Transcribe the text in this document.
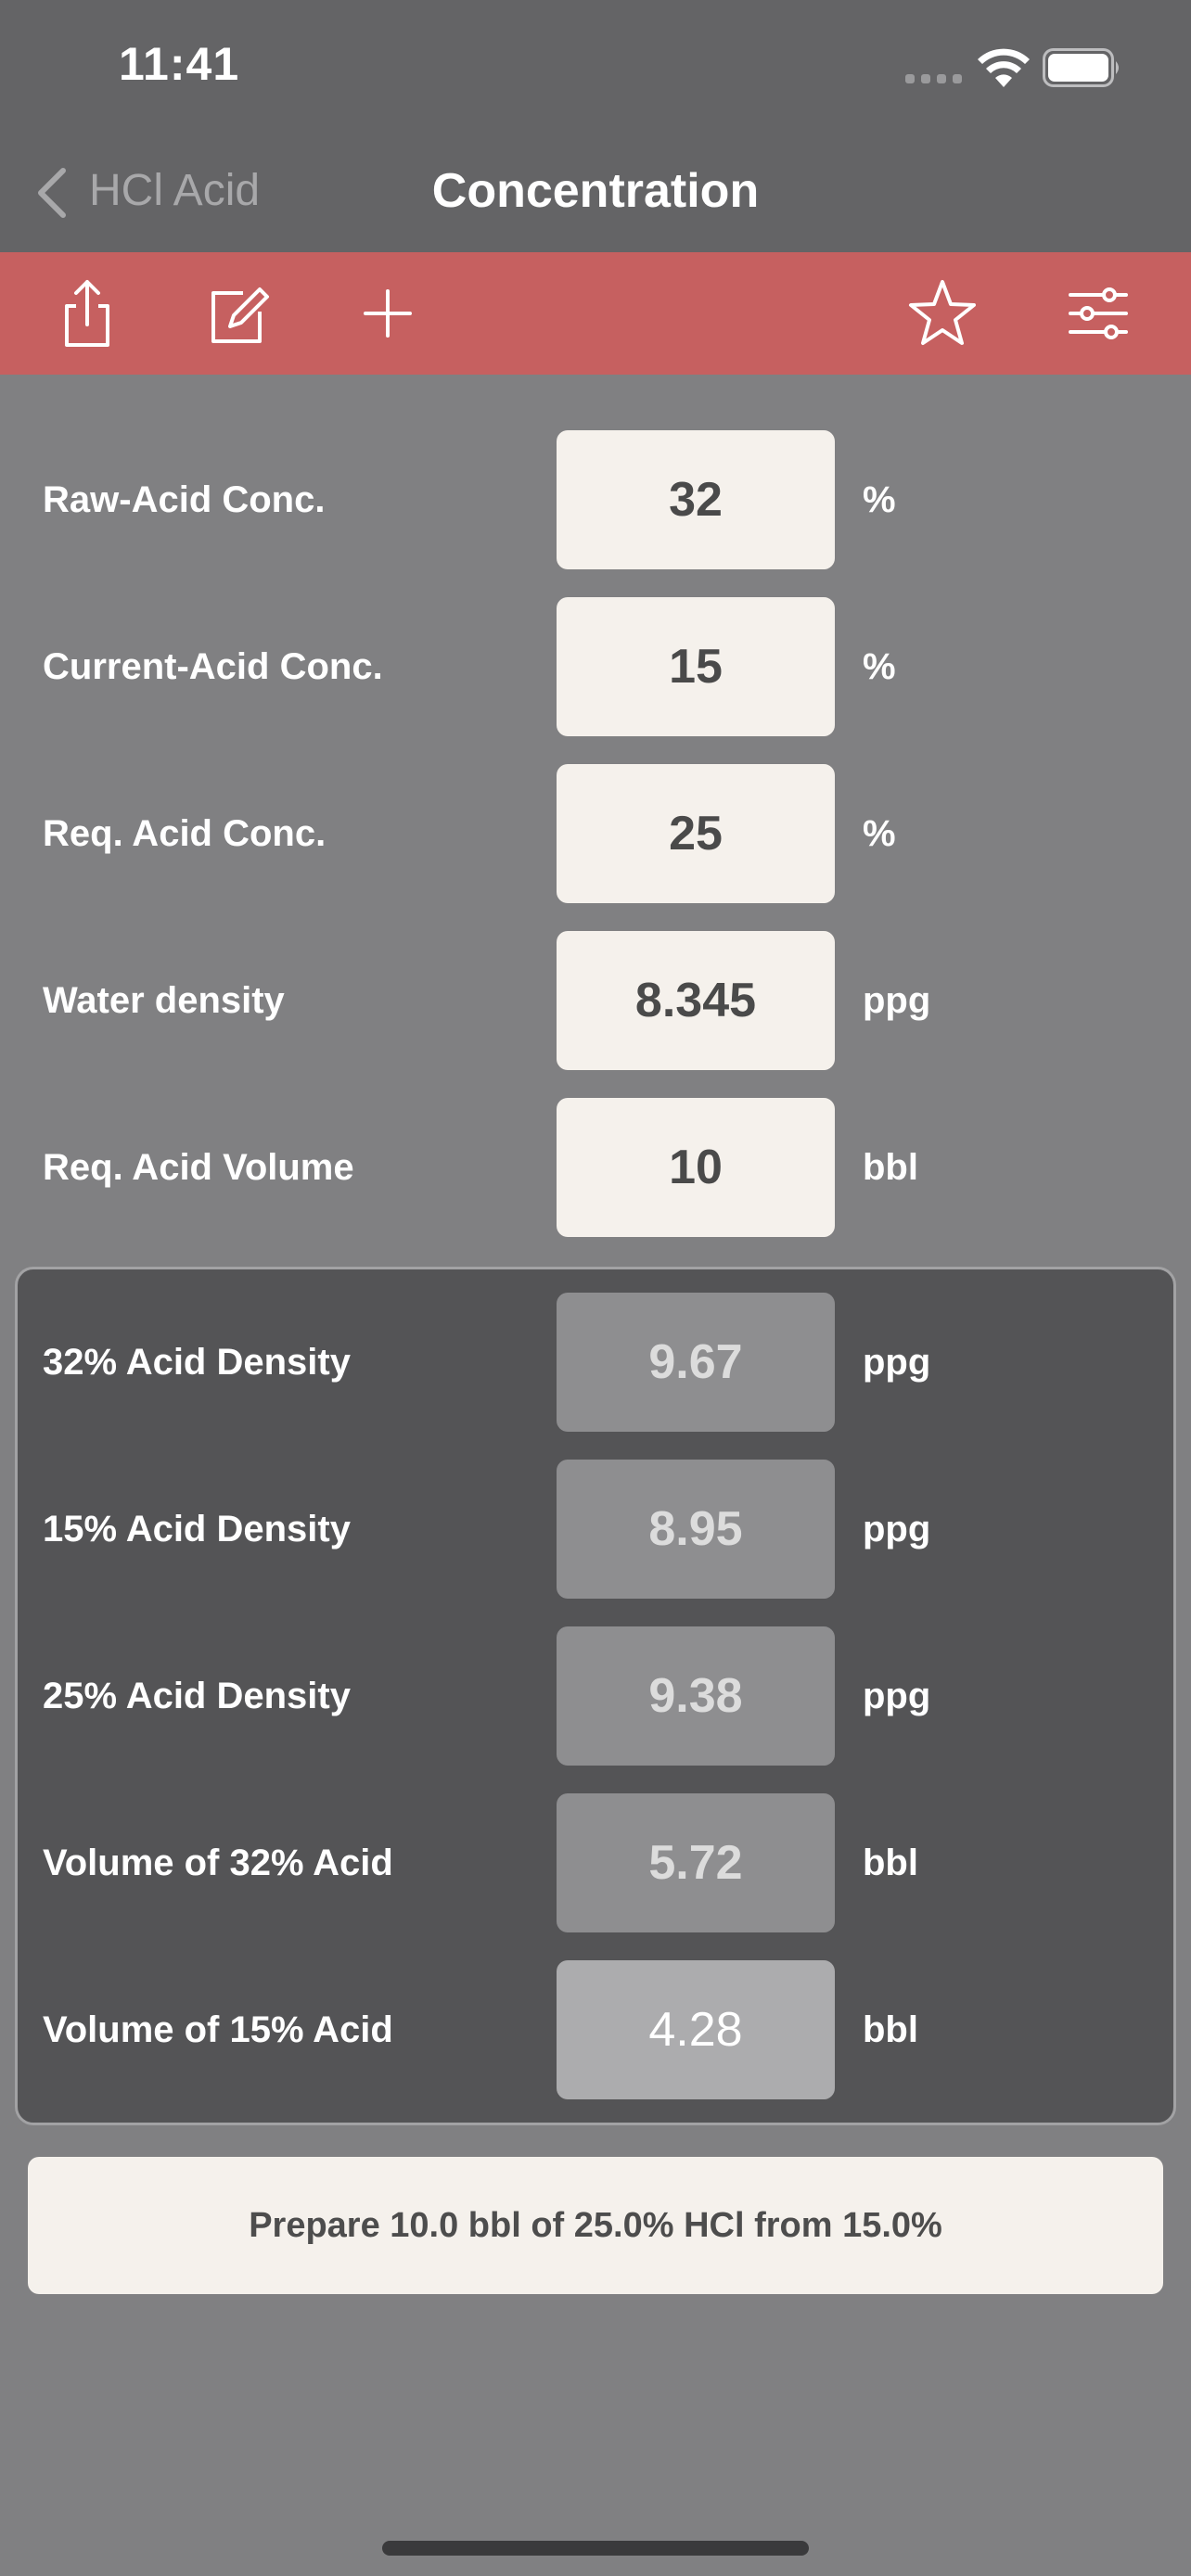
11:41
HCl Acid	Concentration
Raw-Acid Conc.	32	%
Current-Acid Conc.	15	%
Req. Acid Conc.	25	%
Water density	8.345	ppg
Req. Acid Volume	10	bbl
32% Acid Density	9.67	ppg
15% Acid Density	8.95	ppg
25% Acid Density	9.38	ppg
Volume of 32% Acid	5.72	bbl
Volume of 15% Acid	4.28	bbl
Prepare 10.0 bbl of 25.0% HCl from 15.0%
